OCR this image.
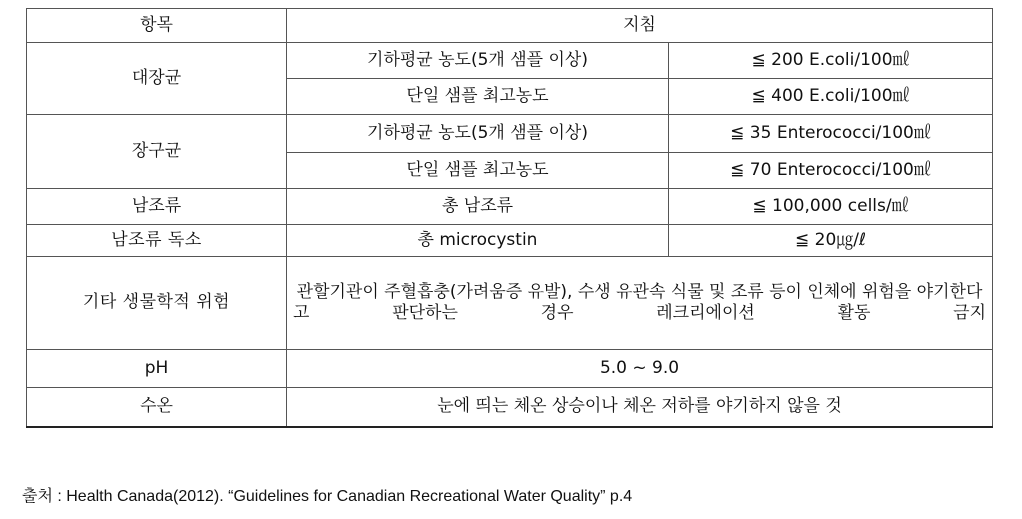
항목	지침	
대장균	기하평균 농도(5개 샘플 이상)	≦ 200 E.coli/100㎖
	단일 샘플 최고농도	≦ 400 E.coli/100㎖
장구균	기하평균 농도(5개 샘플 이상)	≦ 35 Enterococci/100㎖
	단일 샘플 최고농도	≦ 70 Enterococci/100㎖
남조류	총 남조류	≦ 100,000 cells/㎖
남조류 독소	총 microcystin	≦ 20㎍/ℓ
기타 생물학적 위험	관할기관이 주혈흡충(가려움증 유발), 수생 유관속 식물 및 조류 등이 인체에 위험을 야기한다고 판단하는 경우 레크리에이션 활동 금지	
pH	5.0 ~ 9.0	
수온	눈에 띄는 체온 상승이나 체온 저하를 야기하지 않을 것	
출처 : Health Canada(2012). “Guidelines for Canadian Recreational Water Quality” p.4
